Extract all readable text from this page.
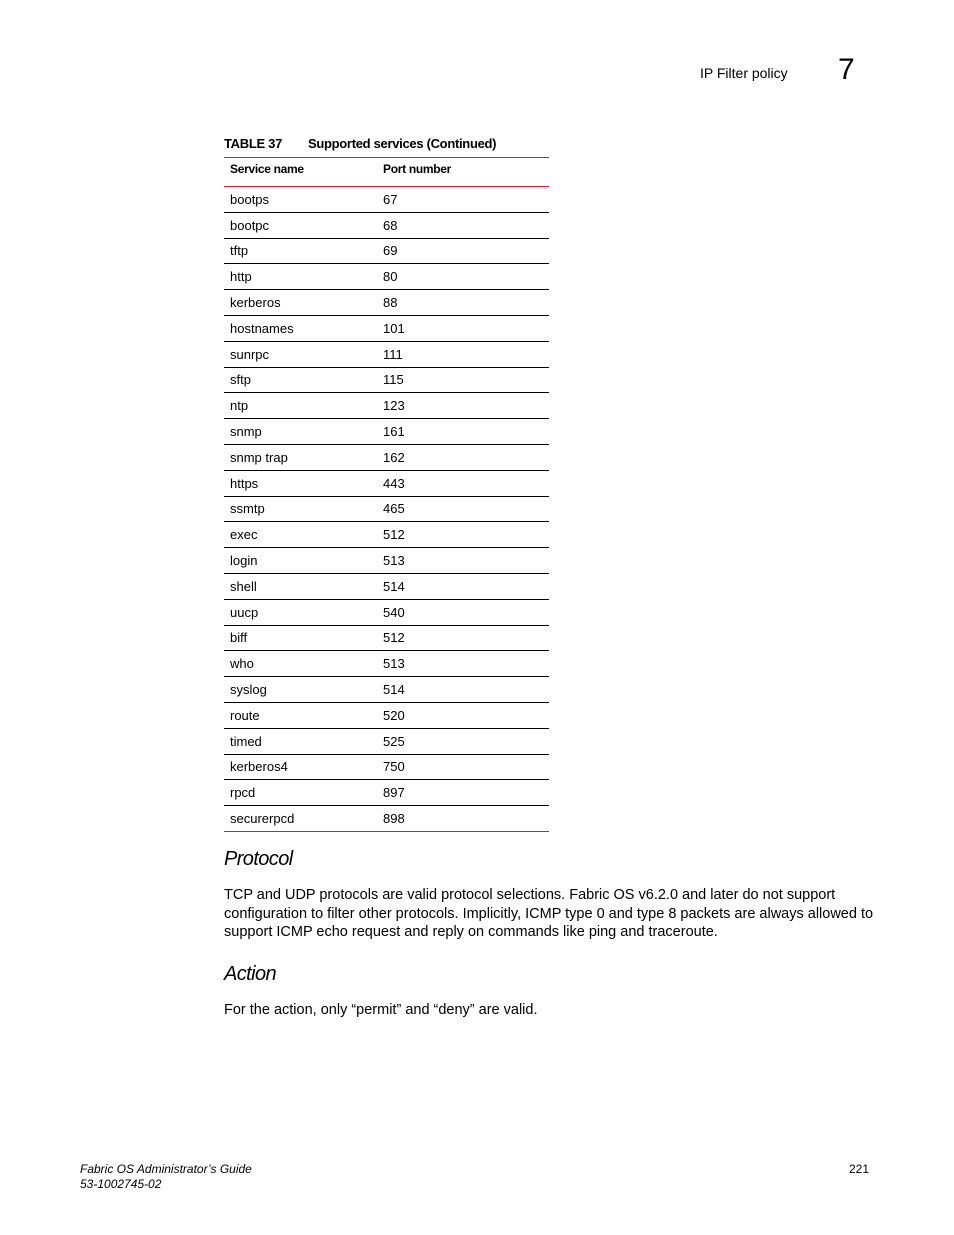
IP Filter policy 7
TABLE 37 Supported services (Continued)
Service name	Port number
bootps	67
bootpc	68
tftp	69
http	80
kerberos	88
hostnames	101
sunrpc	111
sftp	115
ntp	123
snmp	161
snmp trap	162
https	443
ssmtp	465
exec	512
login	513
shell	514
uucp	540
biff	512
who	513
syslog	514
route	520
timed	525
kerberos4	750
rpcd	897
securerpcd	898
Protocol
TCP and UDP protocols are valid protocol selections. Fabric OS v6.2.0 and later do not support configuration to filter other protocols. Implicitly, ICMP type 0 and type 8 packets are always allowed to support ICMP echo request and reply on commands like ping and traceroute.
Action
For the action, only “permit” and “deny” are valid.
Fabric OS Administrator’s Guide
53-1002745-02
221
